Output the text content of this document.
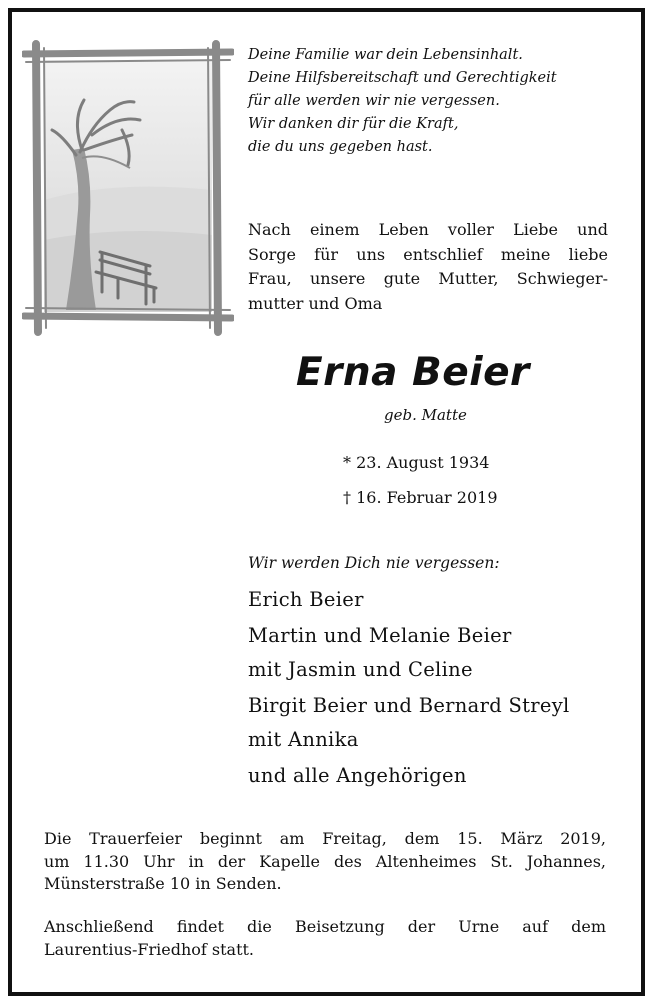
Deine Familie war dein Lebensinhalt.
Deine Hilfsbereitschaft und Gerechtigkeit
für alle werden wir nie vergessen.
Wir danken dir für die Kraft,
die du uns gegeben hast.
Nach einem Leben voller Liebe und
Sorge für uns entschlief meine liebe
Frau, unsere gute Mutter, Schwieger-
mutter und Oma
Erna Beier
geb. Matte
* 23. August 1934
† 16. Februar 2019
Wir werden Dich nie vergessen:
Erich Beier
Martin und Melanie Beier
mit Jasmin und Celine
Birgit Beier und Bernard Streyl
mit Annika
und alle Angehörigen
Die Trauerfeier beginnt am Freitag, dem 15. März 2019,
um 11.30 Uhr in der Kapelle des Altenheimes St. Johannes,
Münsterstraße 10 in Senden.
Anschließend findet die Beisetzung der Urne auf dem
Laurentius-Friedhof statt.
